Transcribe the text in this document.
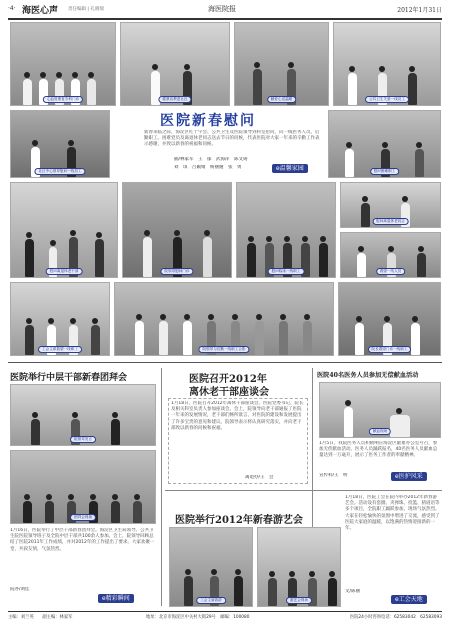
·4· 海医心声 责任编辑 | 孔晓瑞	海医院报	2012年1月31日
心血管康复专科门诊	健康宣教进社区	献爱心送温暖	公共卫生关爱一线员工
社区中心领导慰问一线员工
医院新春慰问
新春来临之际，海淀区红十字会、公共卫生及医院领导到科室慰问，向一线医务人员、后勤职工、困难党员及离退休老同志送去节日的问候，代表医院对大家一年来的辛勤工作表示感谢，并致以新春的祝福和问候。
插/林家军　王　郁　武海萍　陈文铸
刘　琪　吕颖婧　杨丽娅　张　勇	e温馨家园	慰问困难职工
慰问离退休老干部	院领导慰问门诊	慰问临床一线职工
慰问离退休老同志
看望一线人员
工会主席看望一线职工	院领导与后勤一线职工合影	院长看望门诊一线职工
医院举行中层干部新春团拜会
院领导发言
团拜会现场
1月16日，医院举行了中层干部新春团拜会。海淀区卫生局领导、公共卫生院医院领导班子及全院中层干部共100余人参加。会上，院领导回顾总结了医院2011年工作成绩，并对2012年的工作提出了要求。大家欢聚一堂，共叙友情，气氛热烈。
院办/刘佳
e精彩瞬间
医院召开2012年
离休老干部座谈会
1月18日，医院召开2012年离休干部座谈会。医院党委书记、院长及相关科室负责人参加座谈会。会上，院领导向老干部通报了医院一年来的发展情况，老干部们畅所欲言，对医院的建设和发展提出了许多宝贵的意见和建议。院领导表示将认真研究落实，并向老干部致以新春的问候和祝福。
离退办/王　会
医院40名医务人员参加无偿献血活动
献血现场
1月5日，我院医务人员积极响应海淀区献血办公室号召，参加无偿献血活动。医务人员踊跃报名，40名医务人员献血总量达到一万毫升，展示了医务工作者的奉献精神。
宣传科/王　明	e医护风采
医院举行2012年新春游艺会
工会主席致辞	游艺会现场
1月18日，医院工会在院内举办2012年新春游艺会。活动设有套圈、夹弹珠、投篮、猜谜语等多个项目，全院职工踊跃参加，现场气氛热烈。大家在轻松愉快的氛围中增进了交流，感受到了医院大家庭的温暖，以饱满的热情迎接新的一年。
文/陈丽
e工会天地
主编：刘兰英　　副主编：林家军	地址：北京市海淀区中关村大街29号　邮编：100080	医院24小时咨询电话：62583042　62583093
